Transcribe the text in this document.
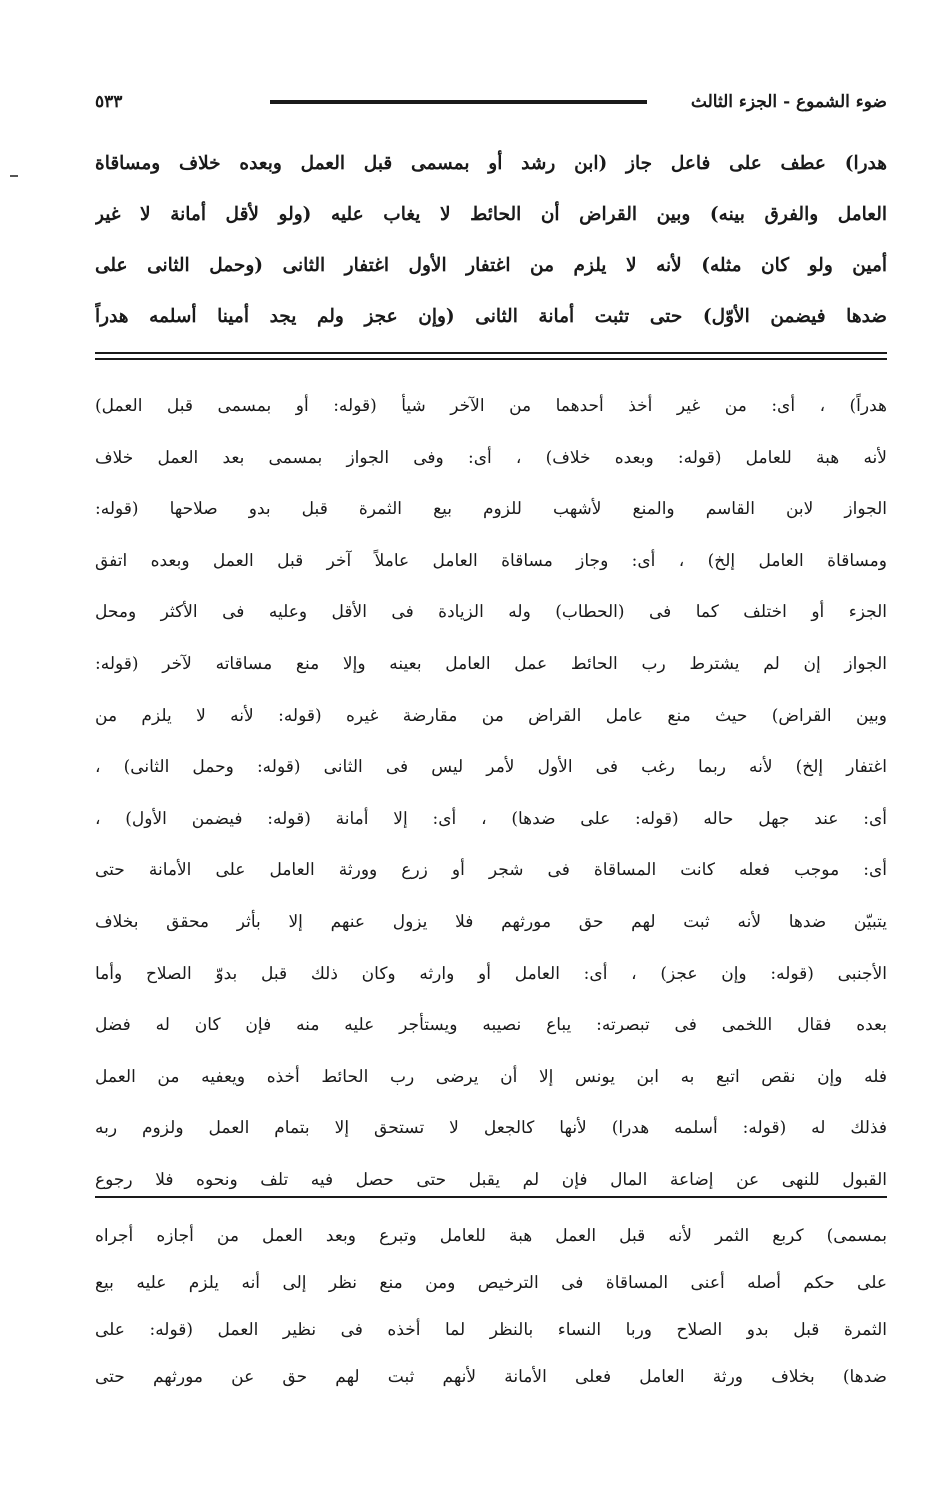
ضوء الشموع - الجزء الثالث
٥٣٣

هدرا) عطف على فاعل جاز (ابن رشد أو بمسمى قبل العمل وبعده خلاف ومساقاة

العامل والفرق بينه) وبين القراض أن الحائط لا يغاب عليه (ولو لأقل أمانة لا غير

أمين ولو كان مثله) لأنه لا يلزم من اغتفار الأول اغتفار الثانى (وحمل الثانى على

ضدها فيضمن الأوّل) حتى تثبت أمانة الثانى (وإن عجز ولم يجد أمينا أسلمه هدراً

هدراً) ، أى: من غير أخذ أحدهما من الآخر شيأ (قوله: أو بمسمى قبل العمل)

لأنه هبة للعامل (قوله: وبعده خلاف) ، أى: وفى الجواز بمسمى بعد العمل خلاف

الجواز لابن القاسم والمنع لأشهب للزوم بيع الثمرة قبل بدو صلاحها (قوله:

ومساقاة العامل إلخ) ، أى: وجاز مساقاة العامل عاملاً آخر قبل العمل وبعده اتفق

الجزء أو اختلف كما فى (الحطاب) وله الزيادة فى الأقل وعليه فى الأكثر ومحل

الجواز إن لم يشترط رب الحائط عمل العامل بعينه وإلا منع مساقاته لآخر (قوله:

وبين القراض) حيث منع عامل القراض من مقارضة غيره (قوله: لأنه لا يلزم من

اغتفار إلخ) لأنه ربما رغب فى الأول لأمر ليس فى الثانى (قوله: وحمل الثانى) ،

أى: عند جهل حاله (قوله: على ضدها) ، أى: إلا أمانة (قوله: فيضمن الأول) ،

أى: موجب فعله كانت المساقاة فى شجر أو زرع وورثة العامل على الأمانة حتى

يتبيّن ضدها لأنه ثبت لهم حق مورثهم فلا يزول عنهم إلا بأثر محقق بخلاف

الأجنبى (قوله: وإن عجز) ، أى: العامل أو وارثه وكان ذلك قبل بدوّ الصلاح وأما

بعده فقال اللخمى فى تبصرته: يباع نصيبه ويستأجر عليه منه فإن كان له فضل

فله وإن نقص اتبع به ابن يونس إلا أن يرضى رب الحائط أخذه ويعفيه من العمل

فذلك له (قوله: أسلمه هدرا) لأنها كالجعل لا تستحق إلا بتمام العمل ولزوم ربه

القبول للنهى عن إضاعة المال فإن لم يقبل حتى حصل فيه تلف ونحوه فلا رجوع

بمسمى) كربع الثمر لأنه قبل العمل هبة للعامل وتبرع وبعد العمل من أجازه أجراه

على حكم أصله أعنى المساقاة فى الترخيص ومن منع نظر إلى أنه يلزم عليه بيع

الثمرة قبل بدو الصلاح وربا النساء بالنظر لما أخذه فى نظير العمل (قوله: على

ضدها) بخلاف ورثة العامل فعلى الأمانة لأنهم ثبت لهم حق عن مورثهم حتى
